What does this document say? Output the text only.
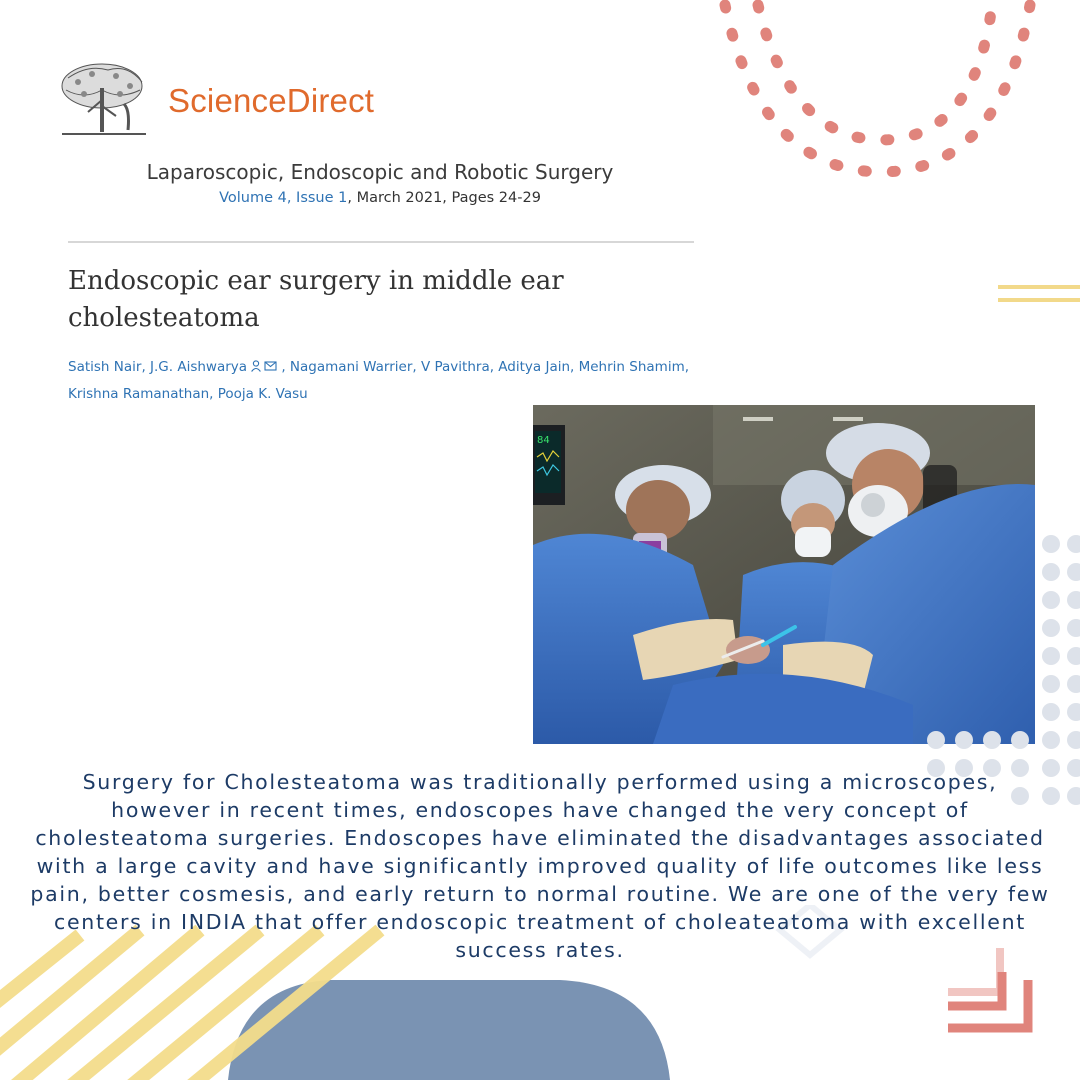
ScienceDirect
Laparoscopic, Endoscopic and Robotic Surgery
Volume 4, Issue 1, March 2021, Pages 24-29
Endoscopic ear surgery in middle ear cholesteatoma
Satish Nair, J.G. Aishwarya	, Nagamani Warrier, V Pavithra, Aditya Jain, Mehrin Shamim, Krishna Ramanathan, Pooja K. Vasu
84
Surgery for Cholesteatoma was traditionally performed using a microscopes, however in recent times, endoscopes have changed the very concept of cholesteatoma surgeries. Endoscopes have eliminated the disadvantages associated with a large cavity and have significantly improved quality of life outcomes like less pain, better cosmesis, and early return to normal routine. We are one of the very few centers in INDIA that offer endoscopic treatment of choleateatoma with excellent success rates.
